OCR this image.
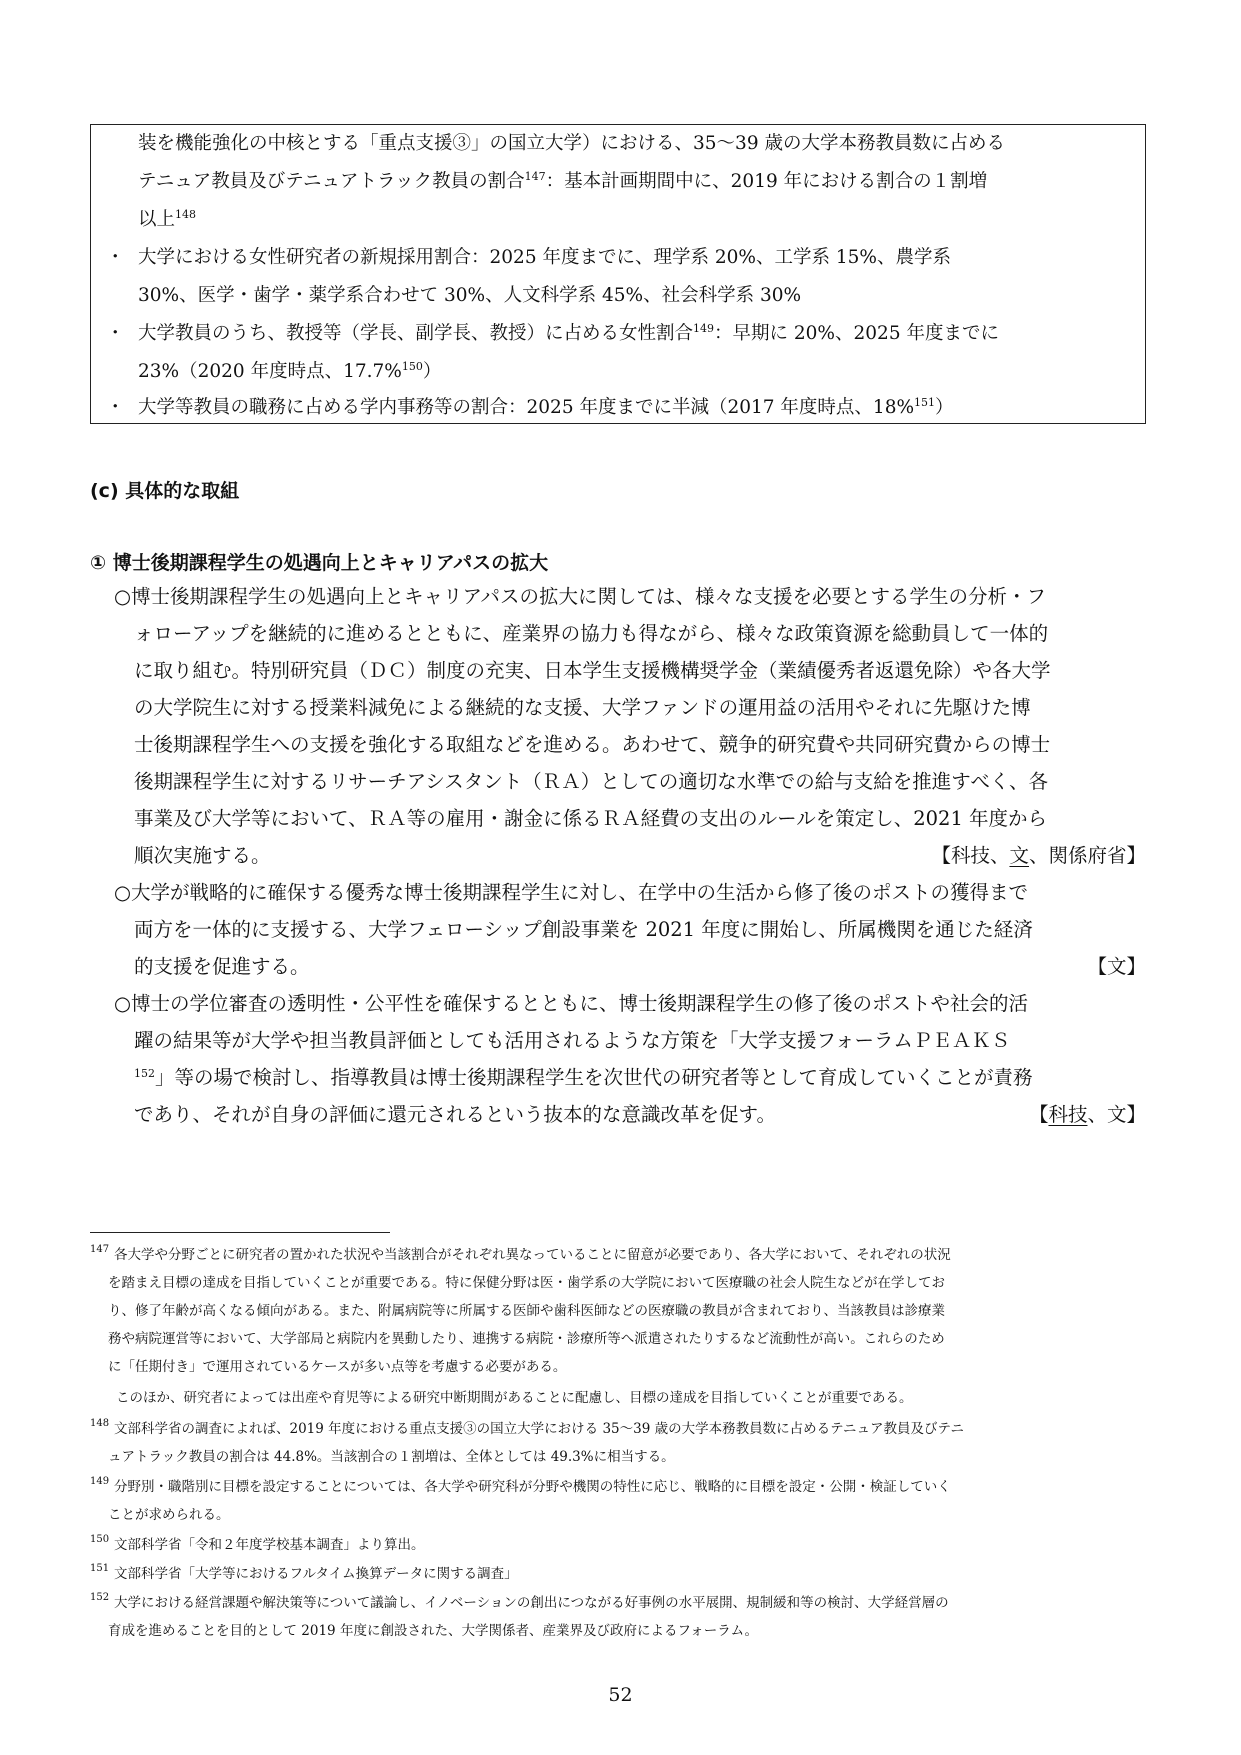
装を機能強化の中核とする「重点支援③」の国立大学）における、35～39 歳の大学本務教員数に占める
テニュア教員及びテニュアトラック教員の割合$^{147}$：基本計画期間中に、2019 年における割合の１割増
以上$^{148}$
・ 大学における女性研究者の新規採用割合：2025 年度までに、理学系 20%、工学系 15%、農学系
30%、医学・歯学・薬学系合わせて 30%、人文科学系 45%、社会科学系 30%
・ 大学教員のうち、教授等（学長、副学長、教授）に占める女性割合$^{149}$：早期に 20%、2025 年度までに
23%（2020 年度時点、17.7%$^{150}$）
・ 大学等教員の職務に占める学内事務等の割合：2025 年度までに半減（2017 年度時点、18%$^{151}$）
(c) 具体的な取組
① 博士後期課程学生の処遇向上とキャリアパスの拡大
○博士後期課程学生の処遇向上とキャリアパスの拡大に関しては、様々な支援を必要とする学生の分析・フ
ォローアップを継続的に進めるとともに、産業界の協力も得ながら、様々な政策資源を総動員して一体的
に取り組む。特別研究員（ＤＣ）制度の充実、日本学生支援機構奨学金（業績優秀者返還免除）や各大学
の大学院生に対する授業料減免による継続的な支援、大学ファンドの運用益の活用やそれに先駆けた博
士後期課程学生への支援を強化する取組などを進める。あわせて、競争的研究費や共同研究費からの博士
後期課程学生に対するリサーチアシスタント（ＲＡ）としての適切な水準での給与支給を推進すべく、各
事業及び大学等において、ＲＡ等の雇用・謝金に係るＲＡ経費の支出のルールを策定し、2021 年度から
順次実施する。	【科技、文、関係府省】
○大学が戦略的に確保する優秀な博士後期課程学生に対し、在学中の生活から修了後のポストの獲得まで
両方を一体的に支援する、大学フェローシップ創設事業を 2021 年度に開始し、所属機関を通じた経済
的支援を促進する。	【文】
○博士の学位審査の透明性・公平性を確保するとともに、博士後期課程学生の修了後のポストや社会的活
躍の結果等が大学や担当教員評価としても活用されるような方策を「大学支援フォーラムＰＥＡＫＳ
$^{152}$」等の場で検討し、指導教員は博士後期課程学生を次世代の研究者等として育成していくことが責務
であり、それが自身の評価に還元されるという抜本的な意識改革を促す。	【科技、文】
147 各大学や分野ごとに研究者の置かれた状況や当該割合がそれぞれ異なっていることに留意が必要であり、各大学において、それぞれの状況
を踏まえ目標の達成を目指していくことが重要である。特に保健分野は医・歯学系の大学院において医療職の社会人院生などが在学してお
り、修了年齢が高くなる傾向がある。また、附属病院等に所属する医師や歯科医師などの医療職の教員が含まれており、当該教員は診療業
務や病院運営等において、大学部局と病院内を異動したり、連携する病院・診療所等へ派遣されたりするなど流動性が高い。これらのため
に「任期付き」で運用されているケースが多い点等を考慮する必要がある。
このほか、研究者によっては出産や育児等による研究中断期間があることに配慮し、目標の達成を目指していくことが重要である。
148 文部科学省の調査によれば、2019 年度における重点支援③の国立大学における 35～39 歳の大学本務教員数に占めるテニュア教員及びテニ
ュアトラック教員の割合は 44.8%。当該割合の１割増は、全体としては 49.3%に相当する。
149 分野別・職階別に目標を設定することについては、各大学や研究科が分野や機関の特性に応じ、戦略的に目標を設定・公開・検証していく
ことが求められる。
150 文部科学省「令和２年度学校基本調査」より算出。
151 文部科学省「大学等におけるフルタイム換算データに関する調査」
152 大学における経営課題や解決策等について議論し、イノベーションの創出につながる好事例の水平展開、規制緩和等の検討、大学経営層の
育成を進めることを目的として 2019 年度に創設された、大学関係者、産業界及び政府によるフォーラム。
52
